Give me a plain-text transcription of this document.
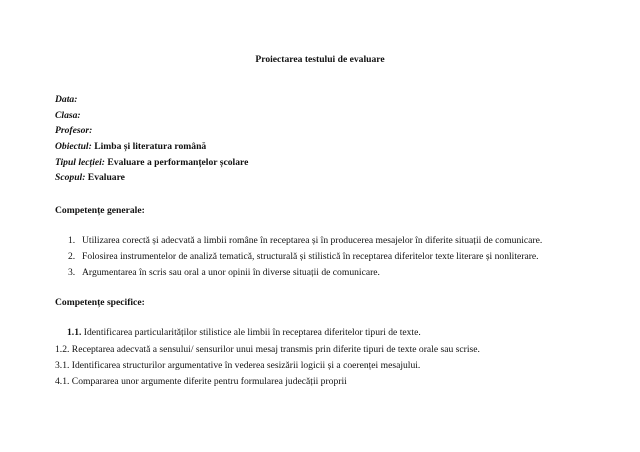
Proiectarea testului de evaluare
Data:
Clasa:
Profesor:
Obiectul: Limba și literatura română
Tipul lecției: Evaluare a performanțelor școlare
Scopul: Evaluare
Competențe generale:
1. Utilizarea corectă și adecvată a limbii române în receptarea și în producerea mesajelor în diferite situații de comunicare.
2. Folosirea instrumentelor de analiză tematică, structurală și stilistică în receptarea diferitelor texte literare și nonliterare.
3. Argumentarea în scris sau oral a unor opinii în diverse situații de comunicare.
Competențe specifice:
1.1. Identificarea particularităților stilistice ale limbii în receptarea diferitelor tipuri de texte.
1.2. Receptarea adecvată a sensului/ sensurilor unui mesaj transmis prin diferite tipuri de texte orale sau scrise.
3.1. Identificarea structurilor argumentative în vederea sesizării logicii și a coerenței mesajului.
4.1. Compararea unor argumente diferite pentru formularea judecății proprii
